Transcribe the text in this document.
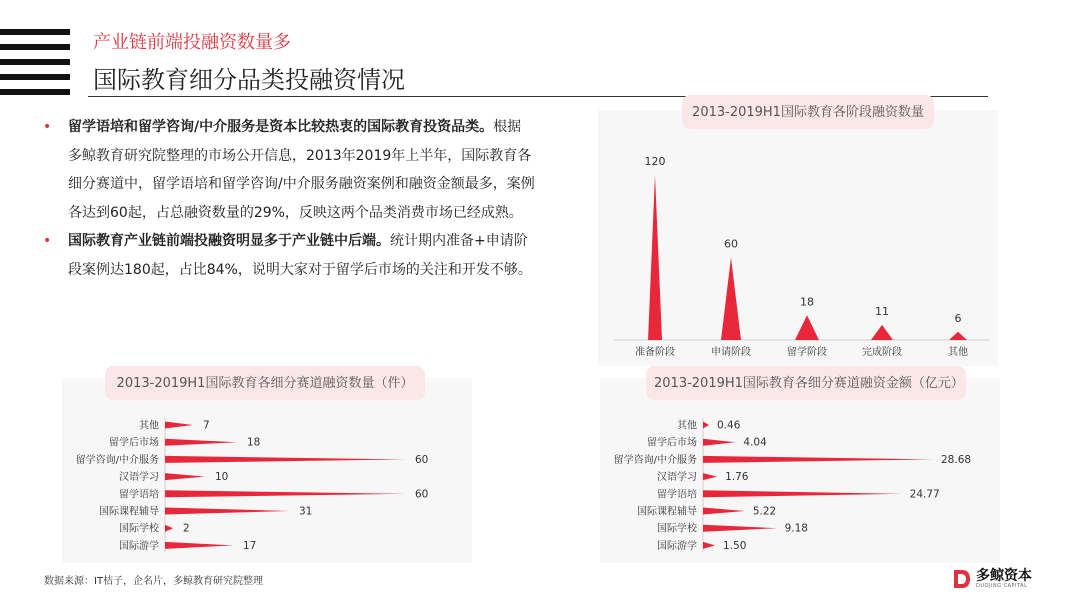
产业链前端投融资数量多
国际教育细分品类投融资情况
• 留学语培和留学咨询/中介服务是资本比较热衷的国际教育投资品类。根据多鲸教育研究院整理的市场公开信息，2013年2019年上半年，国际教育各细分赛道中，留学语培和留学咨询/中介服务融资案例和融资金额最多，案例各达到60起，占总融资数量的29%，反映这两个品类消费市场已经成熟。
• 国际教育产业链前端投融资明显多于产业链中后端。统计期内准备+申请阶段案例达180起，占比84%，说明大家对于留学后市场的关注和开发不够。
2013-2019H1国际教育各阶段融资数量
120
准备阶段
60
申请阶段
18
留学阶段
11
完成阶段
6
其他
2013-2019H1国际教育各细分赛道融资数量（件）
其他	7
留学后市场	18
留学咨询/中介服务	60
汉语学习	10
留学语培	60
国际课程辅导	31
国际学校 2
国际游学	17
2013-2019H1国际教育各细分赛道融资金额（亿元）
其他 0.46
留学后市场	4.04
留学咨询/中介服务	28.68
汉语学习	1.76
留学语培	24.77
国际课程辅导	5.22
国际学校	9.18
国际游学 1.50
数据来源：IT桔子，企名片，多鲸教育研究院整理	多鲸资本
DUOJING CAPITAL
